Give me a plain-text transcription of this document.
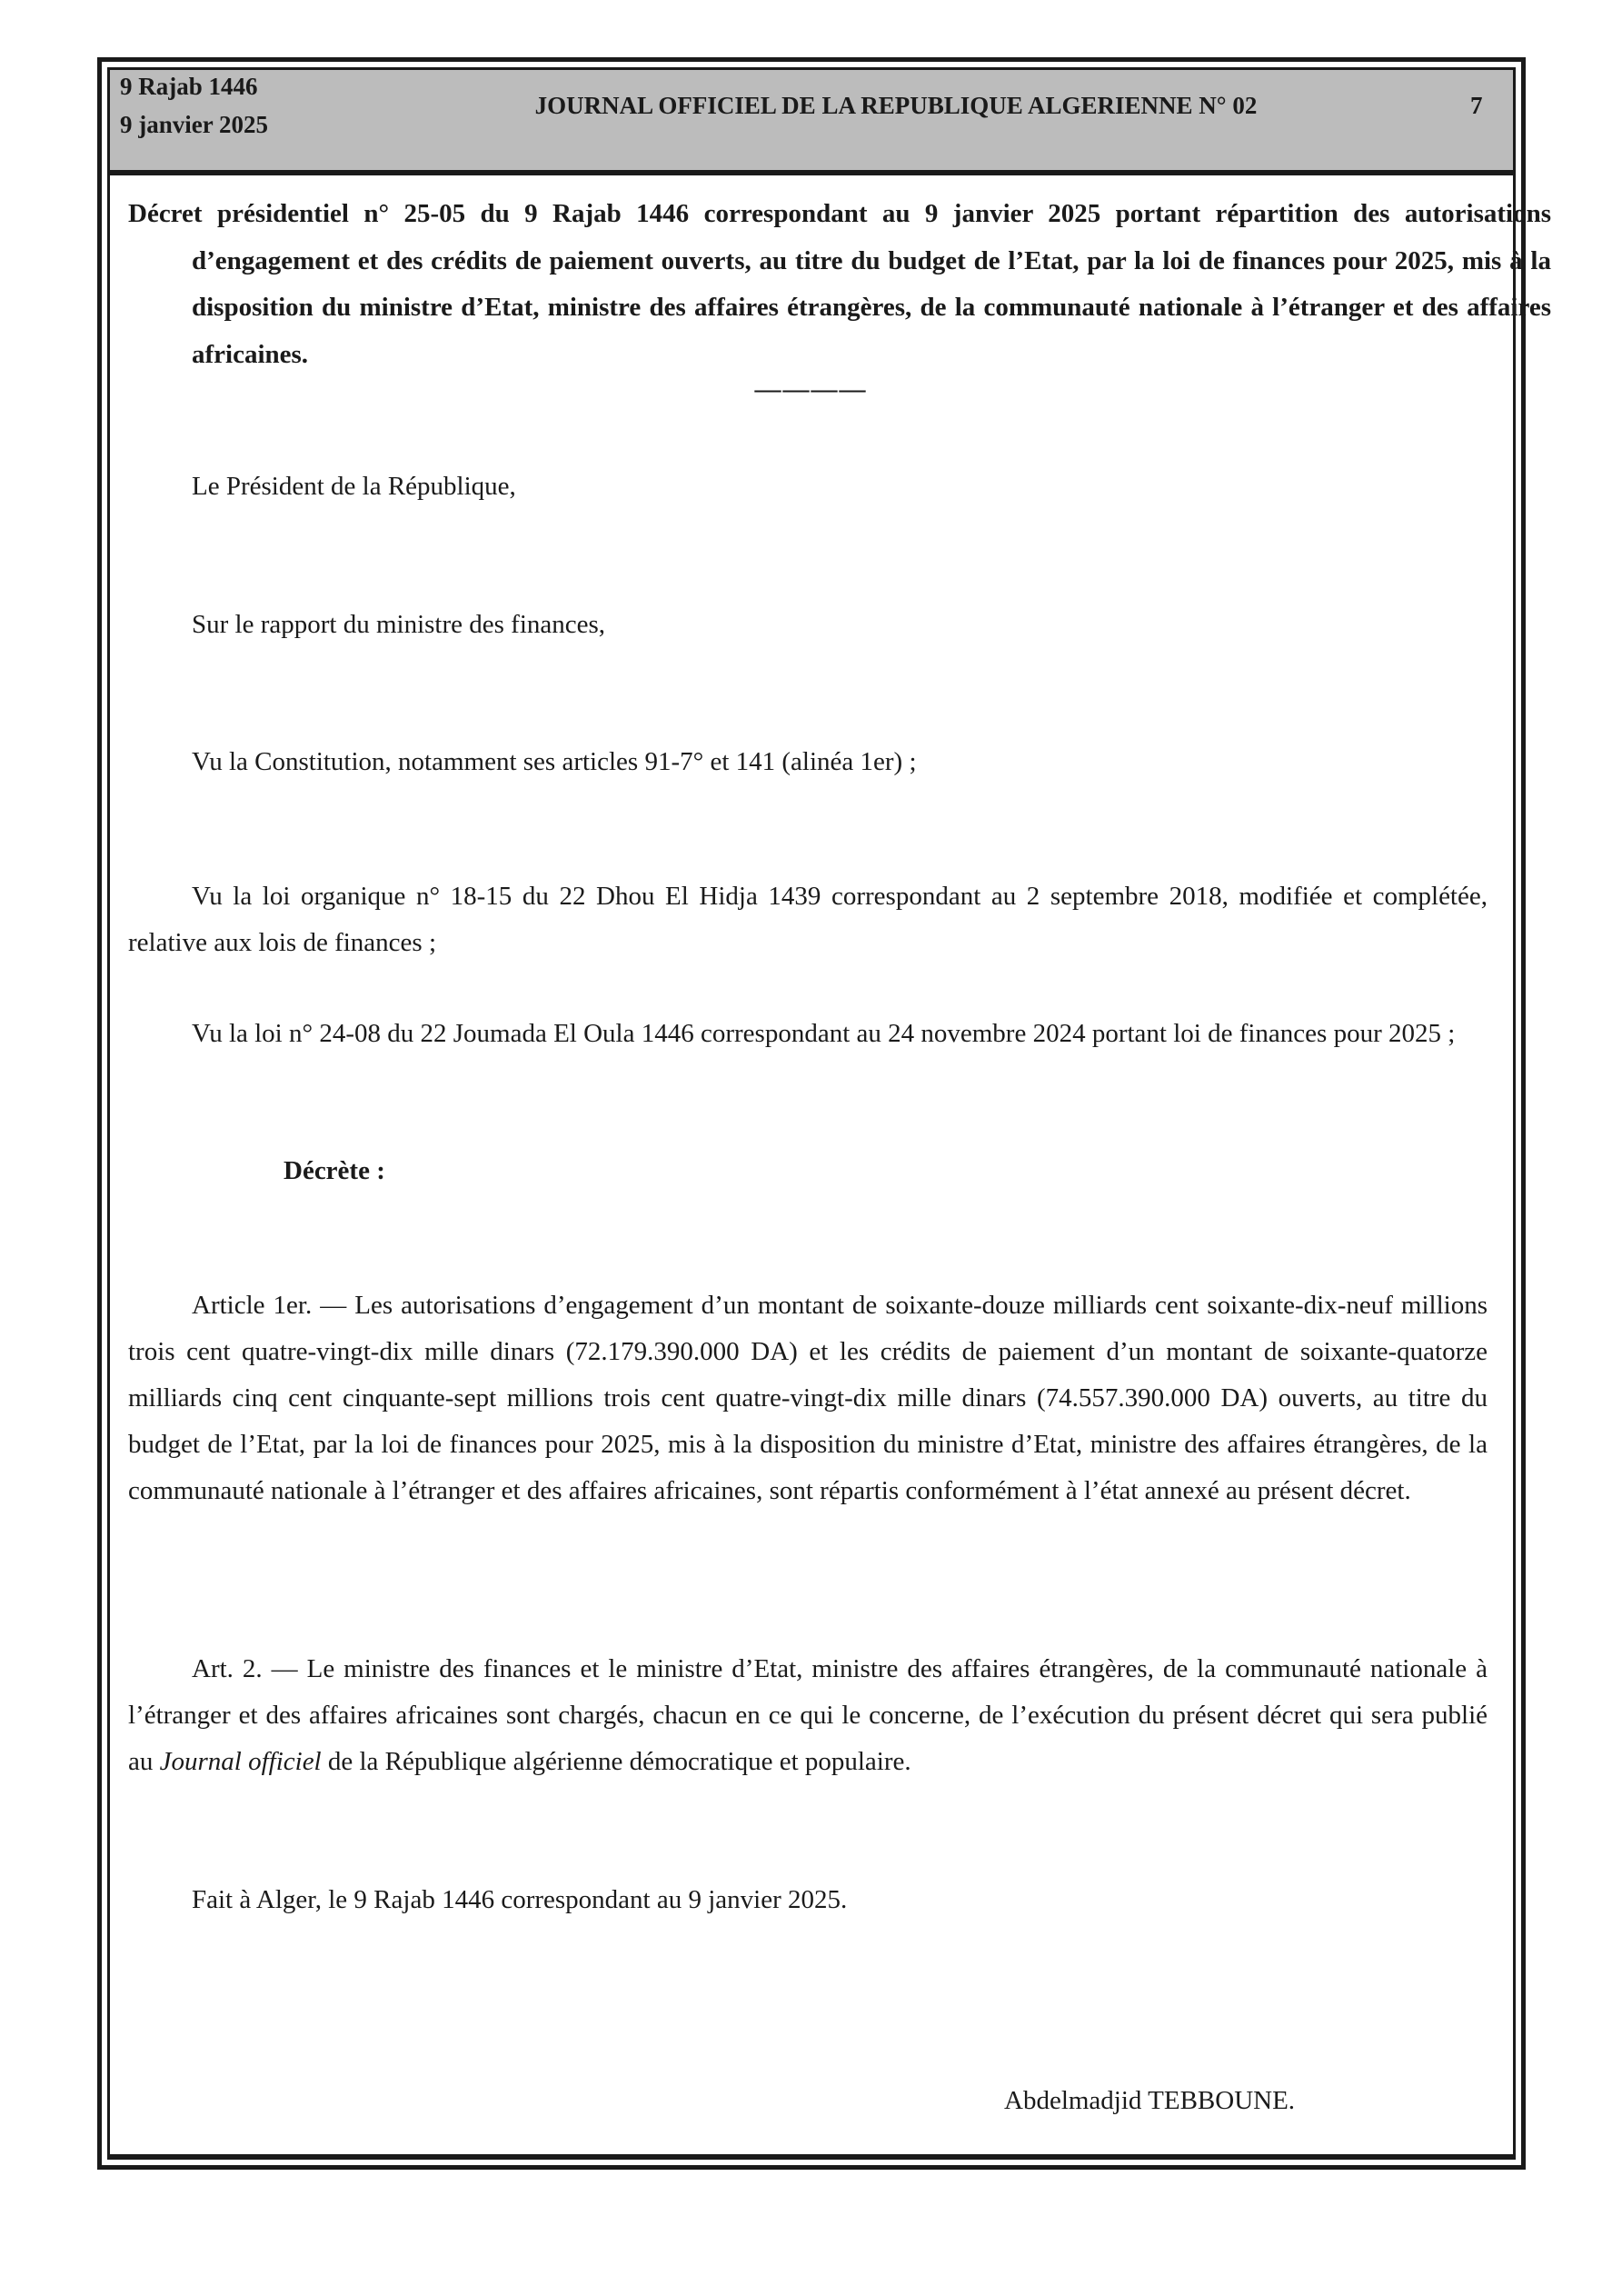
9 Rajab 1446
9 janvier 2025
JOURNAL OFFICIEL DE LA REPUBLIQUE ALGERIENNE N° 02	7
Décret présidentiel n° 25-05 du 9 Rajab 1446 correspondant au 9 janvier 2025 portant répartition des autorisations d’engagement et des crédits de paiement ouverts, au titre du budget de l’Etat, par la loi de finances pour 2025, mis à la disposition du ministre d’Etat, ministre des affaires étrangères, de la communauté nationale à l’étranger et des affaires africaines.
————
Le Président de la République,
Sur le rapport du ministre des finances,
Vu la Constitution, notamment ses articles 91-7° et 141 (alinéa 1er) ;
Vu la loi organique n° 18-15 du 22 Dhou El Hidja 1439 correspondant au 2 septembre 2018, modifiée et complétée, relative aux lois de finances ;
Vu la loi n° 24-08 du 22 Joumada El Oula 1446 correspondant au 24 novembre 2024 portant loi de finances pour 2025 ;
Décrète :
Article 1er. — Les autorisations d’engagement d’un montant de soixante-douze milliards cent soixante-dix-neuf millions trois cent quatre-vingt-dix mille dinars (72.179.390.000 DA) et les crédits de paiement d’un montant de soixante-quatorze milliards cinq cent cinquante-sept millions trois cent quatre-vingt-dix mille dinars (74.557.390.000 DA) ouverts, au titre du budget de l’Etat, par la loi de finances pour 2025, mis à la disposition du ministre d’Etat, ministre des affaires étrangères, de la communauté nationale à l’étranger et des affaires africaines, sont répartis conformément à l’état annexé au présent décret.
Art. 2. — Le ministre des finances et le ministre d’Etat, ministre des affaires étrangères, de la communauté nationale à l’étranger et des affaires africaines sont chargés, chacun en ce qui le concerne, de l’exécution du présent décret qui sera publié au Journal officiel de la République algérienne démocratique et populaire.
Fait à Alger, le 9 Rajab 1446 correspondant au 9 janvier 2025.
Abdelmadjid TEBBOUNE.
